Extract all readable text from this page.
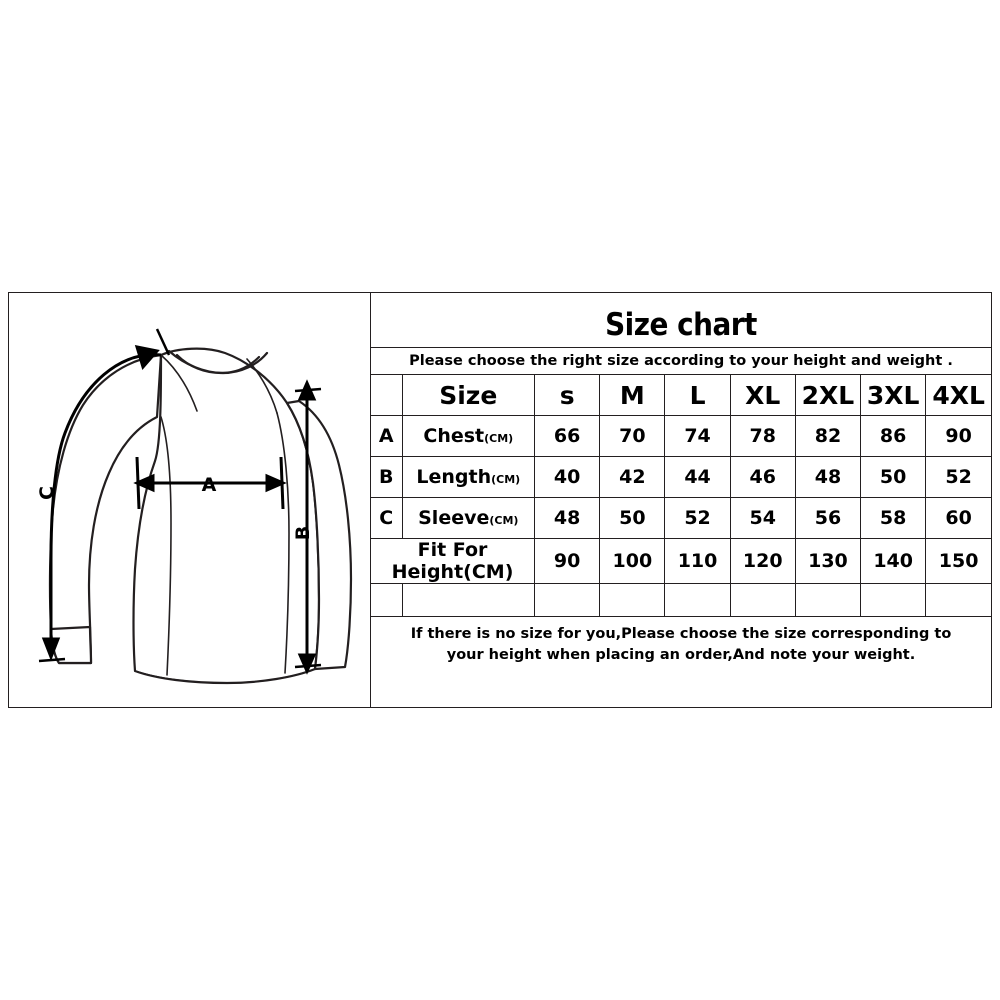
A
B
C
Size chart
Please choose the right size according to your height and weight .
	Size	s	M	L	XL	2XL	3XL	4XL
A	Chest(CM)	66	70	74	78	82	86	90
B	Length(CM)	40	42	44	46	48	50	52
C	Sleeve(CM)	48	50	52	54	56	58	60
Fit For Height(CM)		90	100	110	120	130	140	150

If there is no size for you,Please choose the size corresponding to
your height when placing an order,And note your weight.								
